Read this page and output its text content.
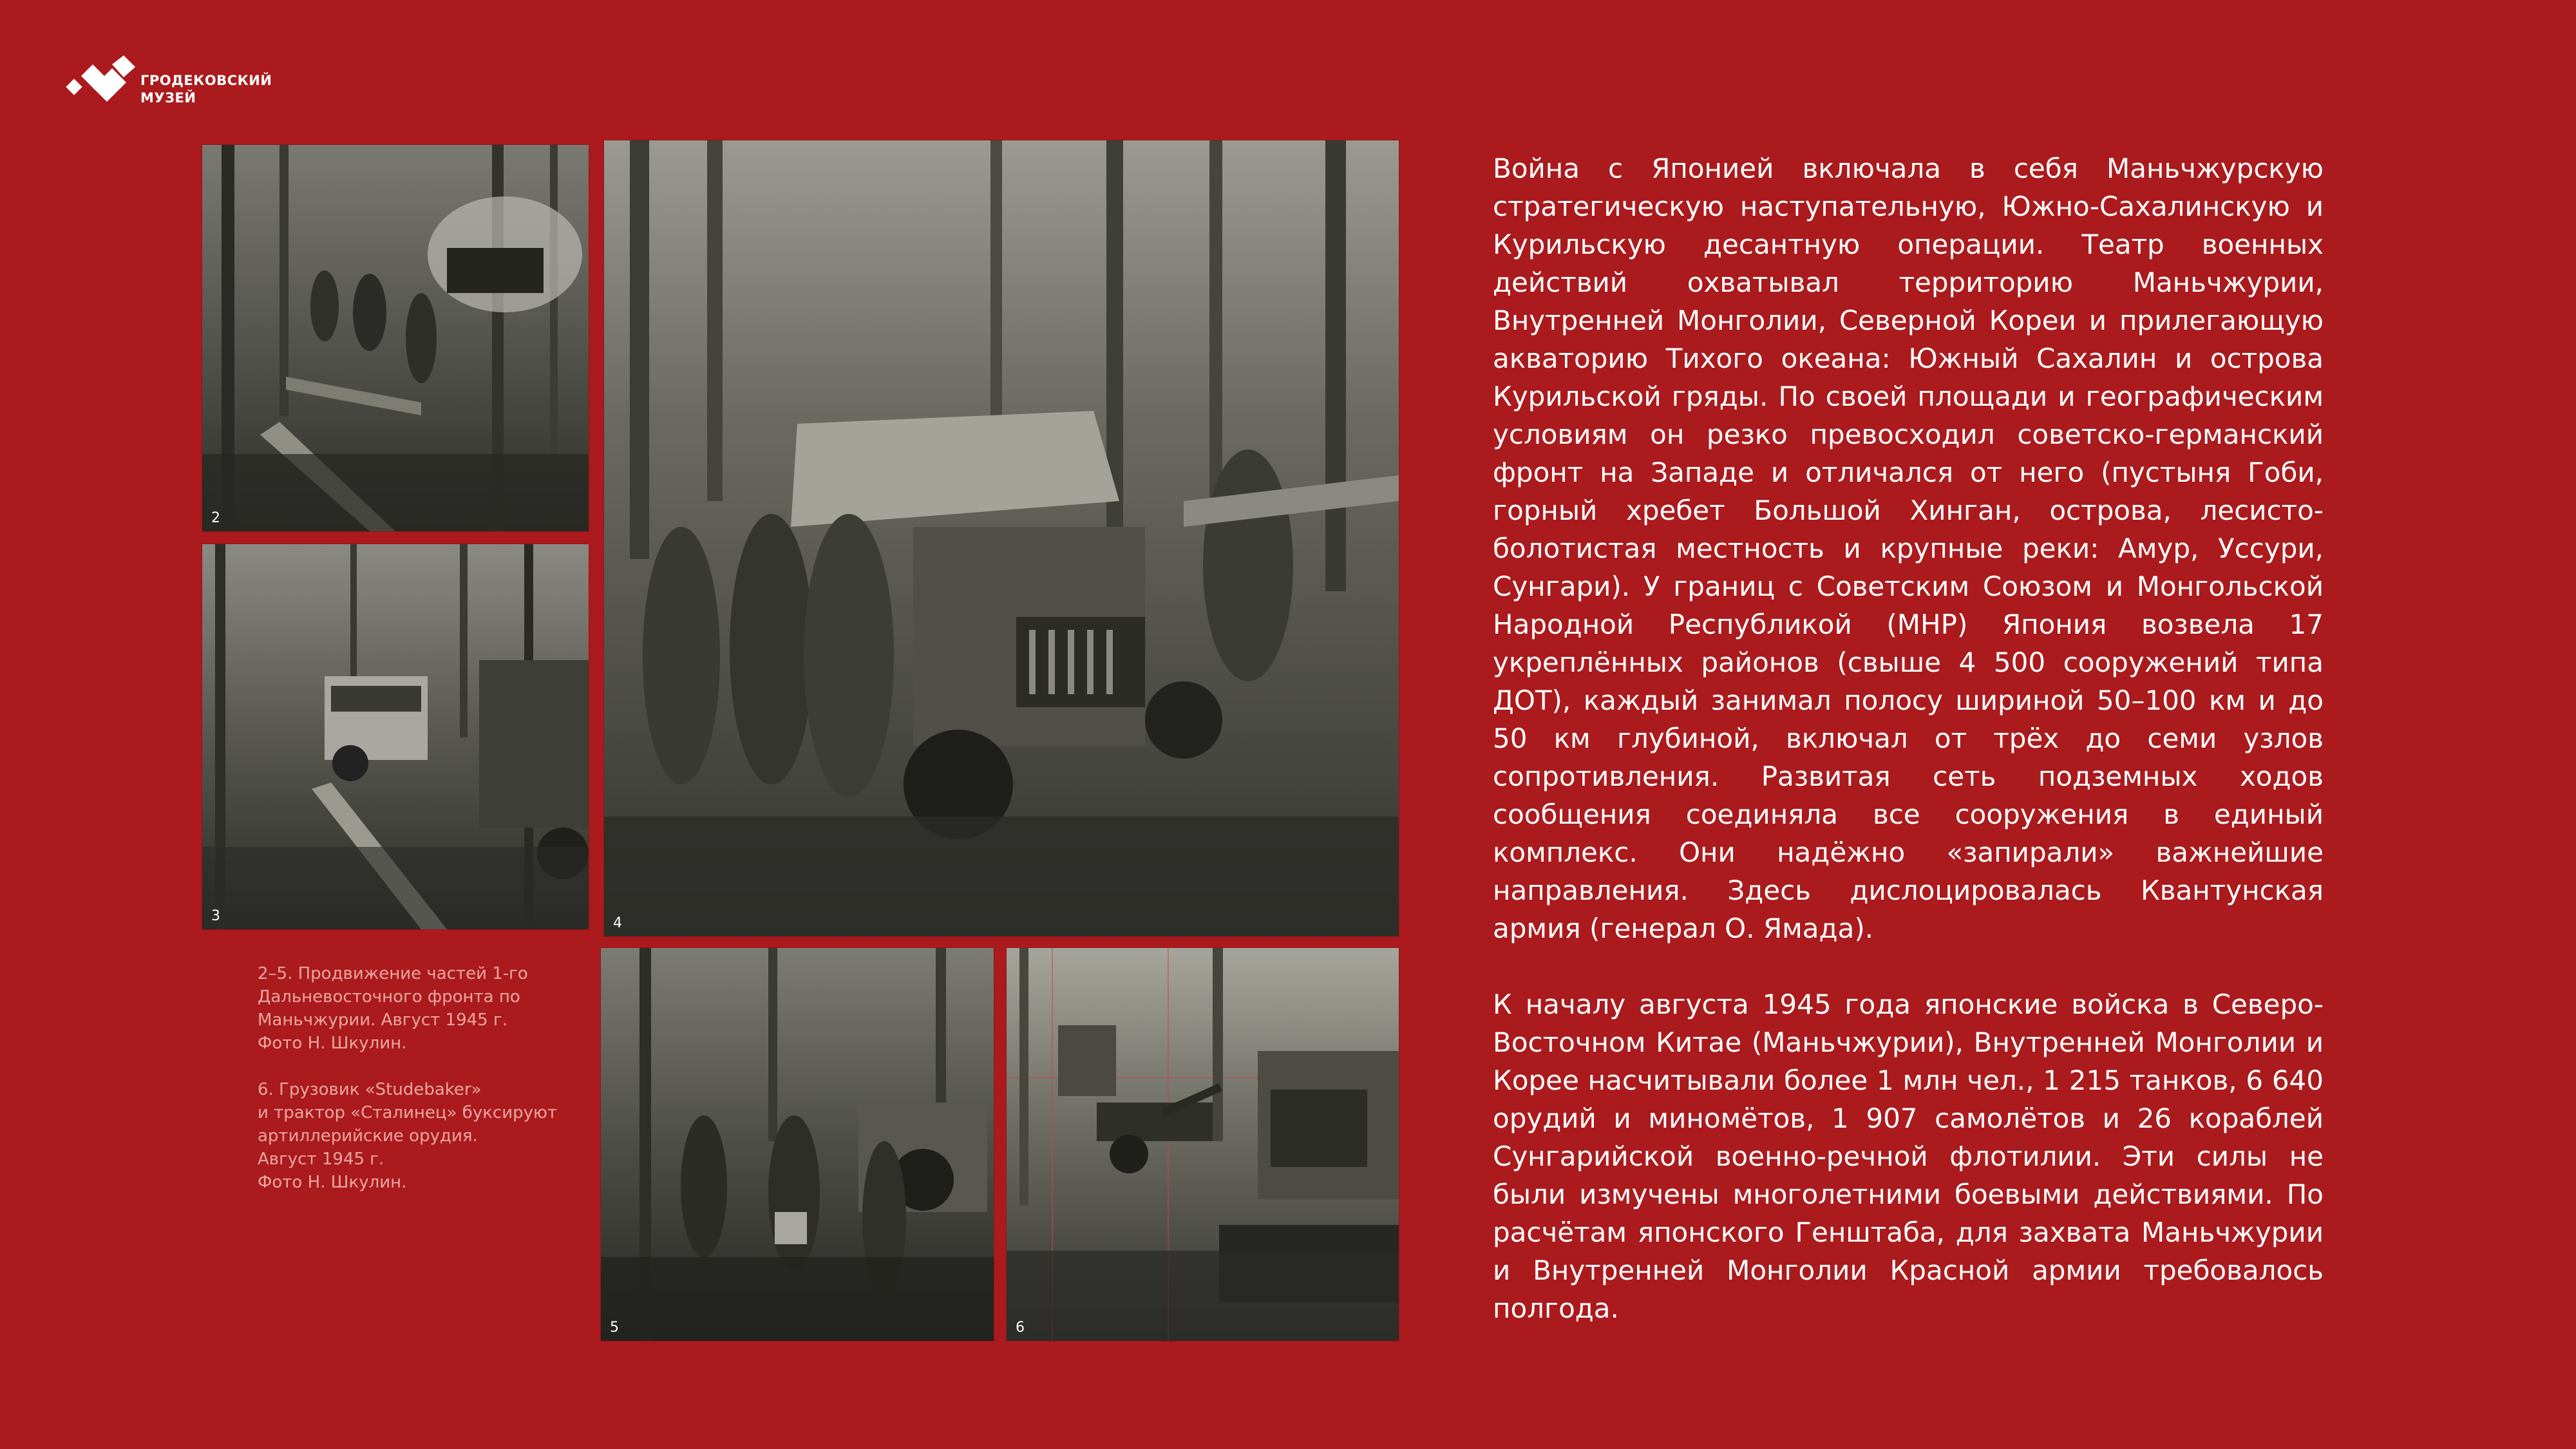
ГРОДЕКОВСКИЙ
МУЗЕЙ
2
3	4
5	6

2–5. Продвижение частей 1-го

Дальневосточного фронта по

Маньчжурии. Август 1945 г.

Фото Н. Шкулин.

6. Грузовик «Studebaker»

и трактор «Сталинец» буксируют

артиллерийские орудия.

Август 1945 г.

Фото Н. Шкулин.

Война с Японией включала в себя Маньчжурскую стратегическую наступательную, Южно-Сахалинскую и Курильскую десантную операции. Театр военных действий охватывал территорию Маньчжурии, Внутренней Монголии, Северной Кореи и прилегающую акваторию Тихого океана: Южный Сахалин и острова Курильской гряды. По своей площади и географическим условиям он резко превосходил советско-германский фронт на Западе и отличался от него (пустыня Гоби, горный хребет Большой Хинган, острова, лесисто-болотистая местность и крупные реки: Амур, Уссури, Сунгари). У границ с Советским Союзом и Монгольской Народной Республикой (МНР) Япония возвела 17 укреплённых районов (свыше 4 500 сооружений типа ДОТ), каждый занимал полосу шириной 50–100 км и до 50 км глубиной, включал от трёх до семи узлов сопротивления. Развитая сеть подземных ходов сообщения соединяла все сооружения в единый комплекс. Они надёжно «запирали» важнейшие направления. Здесь дислоцировалась Квантунская армия (генерал О. Ямада).

К началу августа 1945 года японские войска в Северо-Восточном Китае (Маньчжурии), Внутренней Монголии и Корее насчитывали более 1 млн чел., 1 215 танков, 6 640 орудий и миномётов, 1 907 самолётов и 26 кораблей Сунгарийской военно-речной флотилии. Эти силы не были измучены многолетними боевыми действиями. По расчётам японского Генштаба, для захвата Маньчжурии и Внутренней Монголии Красной армии требовалось полгода.
